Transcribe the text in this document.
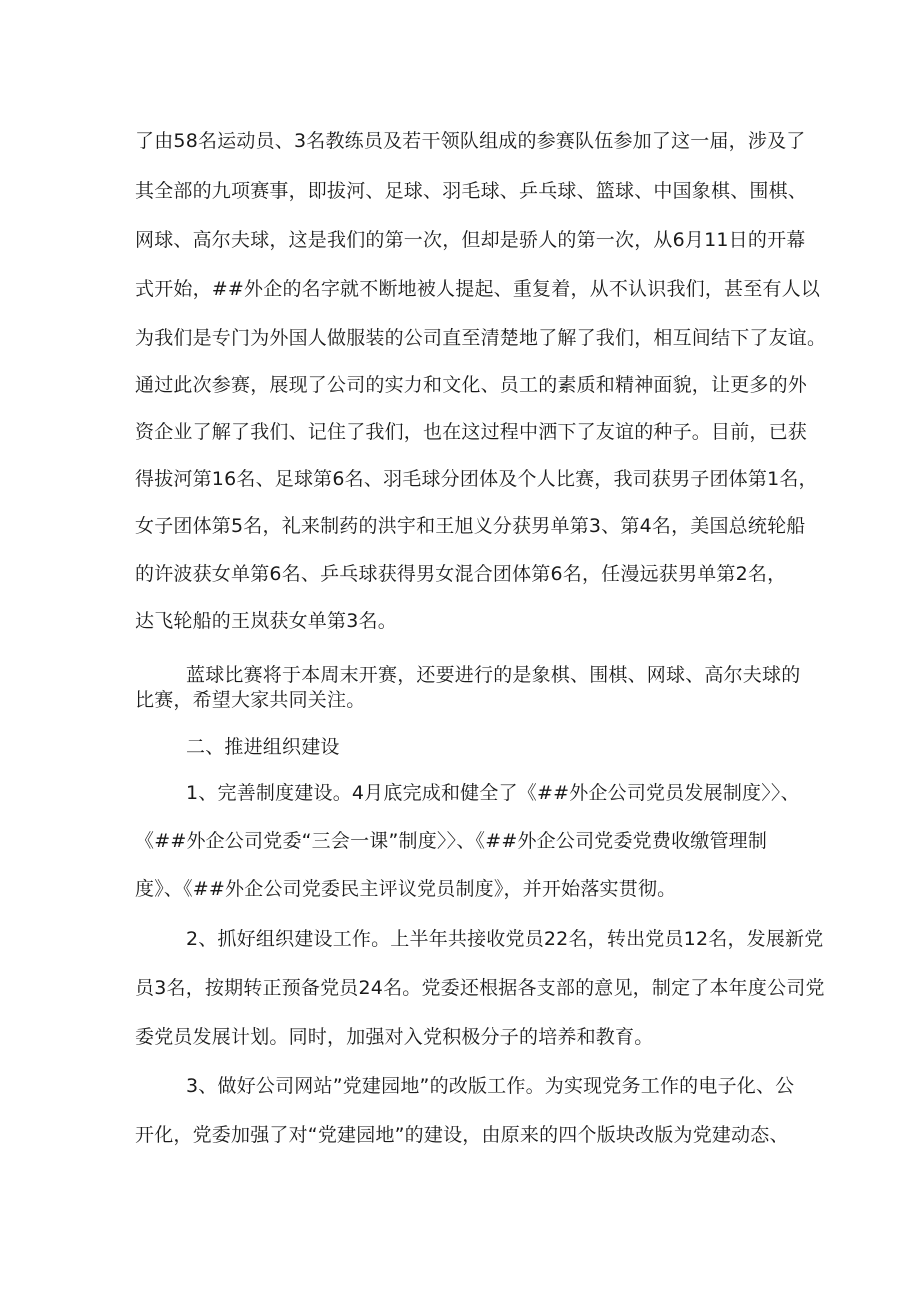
了由58名运动员、3名教练员及若干领队组成的参赛队伍参加了这一届，涉及了
其全部的九项赛事，即拔河、足球、羽毛球、乒乓球、篮球、中国象棋、围棋、
网球、高尔夫球，这是我们的第一次，但却是骄人的第一次，从6月11日的开幕
式开始，##外企的名字就不断地被人提起、重复着，从不认识我们，甚至有人以
为我们是专门为外国人做服装的公司直至清楚地了解了我们，相互间结下了友谊。
通过此次参赛，展现了公司的实力和文化、员工的素质和精神面貌，让更多的外
资企业了解了我们、记住了我们，也在这过程中洒下了友谊的种子。目前，已获
得拔河第16名、足球第6名、羽毛球分团体及个人比赛，我司获男子团体第1名，
女子团体第5名，礼来制药的洪宇和王旭义分获男单第3、第4名，美国总统轮船
的许波获女单第6名、乒乓球获得男女混合团体第6名，任漫远获男单第2名，
达飞轮船的王岚获女单第3名。
蓝球比赛将于本周末开赛，还要进行的是象棋、围棋、网球、高尔夫球的
比赛，希望大家共同关注。
二、推进组织建设
1、完善制度建设。4月底完成和健全了《##外企公司党员发展制度〉〉、
《##外企公司党委“三会一课”制度〉〉、《##外企公司党委党费收缴管理制
度》、《##外企公司党委民主评议党员制度》，并开始落实贯彻。
2、抓好组织建设工作。上半年共接收党员22名，转出党员12名，发展新党
员3名，按期转正预备党员24名。党委还根据各支部的意见，制定了本年度公司党
委党员发展计划。同时，加强对入党积极分子的培养和教育。
3、做好公司网站”党建园地”的改版工作。为实现党务工作的电子化、公
开化，党委加强了对“党建园地”的建设，由原来的四个版块改版为党建动态、
